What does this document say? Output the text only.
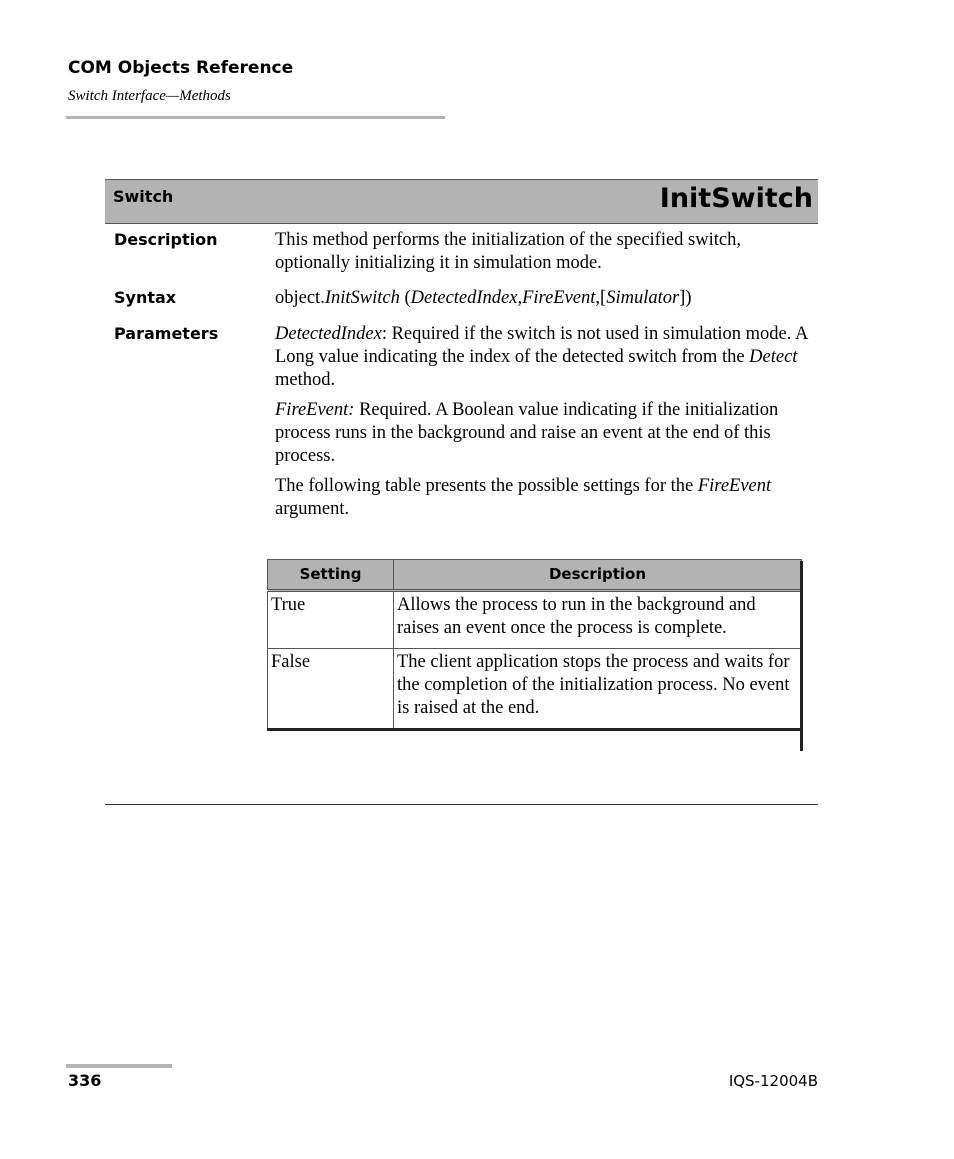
COM Objects Reference
Switch Interface—Methods
Switch	InitSwitch
Description	This method performs the initialization of the specified switch, optionally initializing it in simulation mode.

Syntax	object.InitSwitch (DetectedIndex,FireEvent,[Simulator])

Parameters	DetectedIndex: Required if the switch is not used in simulation mode. A Long value indicating the index of the detected switch from the Detect method.

FireEvent: Required. A Boolean value indicating if the initialization process runs in the background and raise an event at the end of this process.

The following table presents the possible settings for the FireEvent argument.

Setting	Description
True	Allows the process to run in the background and raises an event once the process is complete.
False	The client application stops the process and waits for the completion of the initialization process. No event is raised at the end.
336	IQS-12004B
